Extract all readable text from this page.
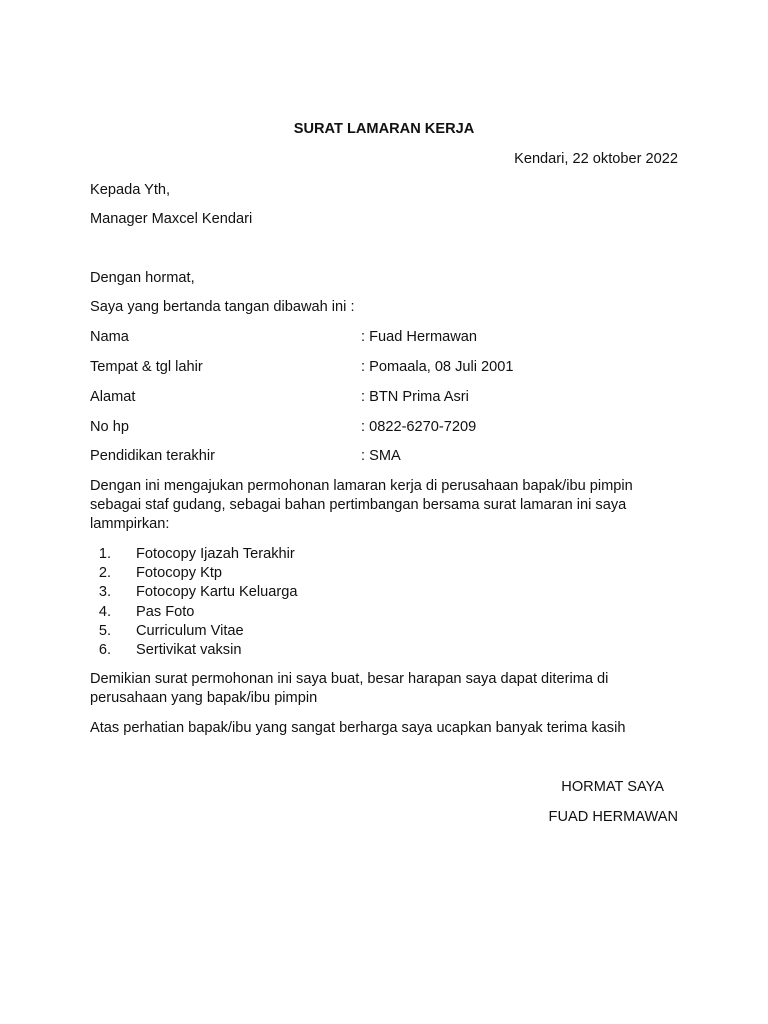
SURAT LAMARAN KERJA
Kendari, 22 oktober 2022
Kepada Yth,
Manager Maxcel Kendari
Dengan hormat,
Saya yang bertanda tangan dibawah ini :
Nama	: Fuad Hermawan
Tempat & tgl lahir	: Pomaala, 08 Juli 2001
Alamat	: BTN Prima Asri
No hp	: 0822-6270-7209
Pendidikan terakhir	: SMA
Dengan ini mengajukan permohonan lamaran kerja di perusahaan bapak/ibu pimpin sebagai staf gudang, sebagai bahan pertimbangan bersama surat lamaran ini saya lammpirkan:
1. Fotocopy Ijazah Terakhir
2. Fotocopy Ktp
3. Fotocopy Kartu Keluarga
4. Pas Foto
5. Curriculum Vitae
6. Sertivikat vaksin
Demikian surat permohonan ini saya buat, besar harapan saya dapat diterima di perusahaan yang bapak/ibu pimpin
Atas perhatian bapak/ibu yang sangat berharga saya ucapkan banyak terima kasih
HORMAT SAYA
FUAD HERMAWAN
